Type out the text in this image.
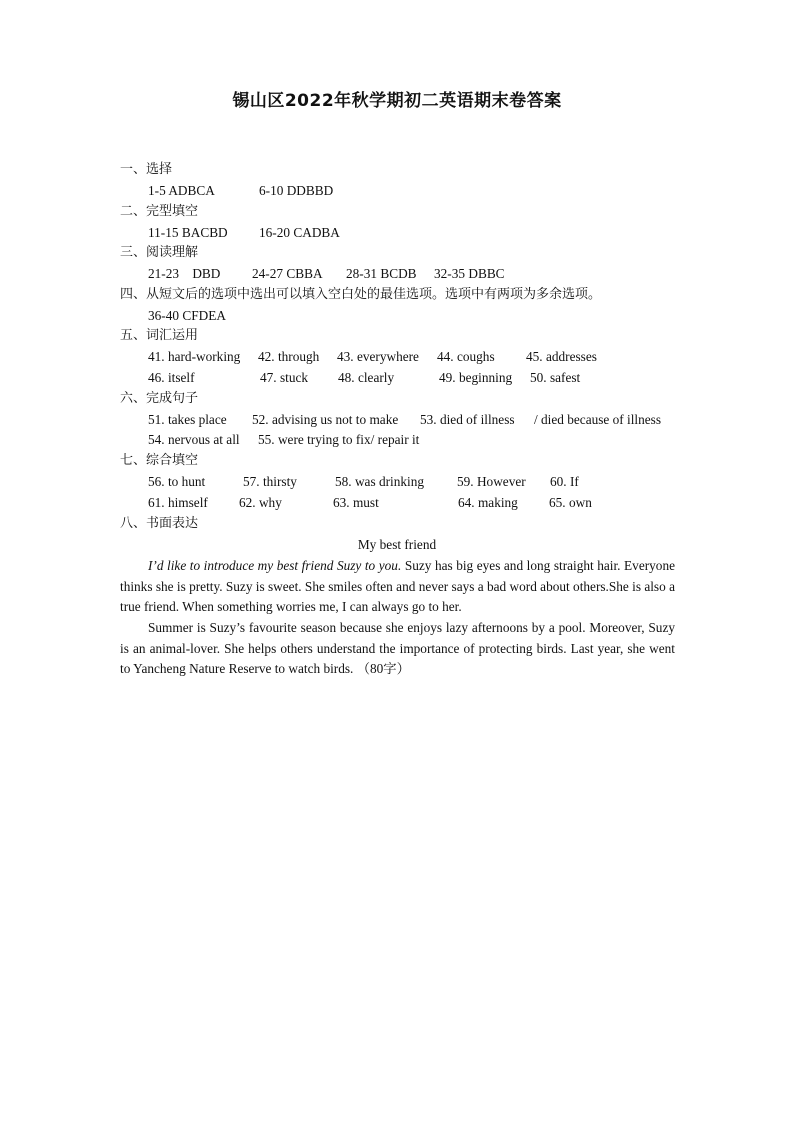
锡山区2022年秋学期初二英语期末卷答案
一、选择
1-5 ADBCA	6-10 DDBBD
二、完型填空
11-15 BACBD 16-20 CADBA
三、阅读理解
21-23　DBD 24-27 CBBA 28-31 BCDB 32-35 DBBC
四、从短文后的选项中选出可以填入空白处的最佳选项。选项中有两项为多余选项。
36-40 CFDEA
五、词汇运用
41. hard-working 42. through 43. everywhere 44. coughs 45. addresses
46. itself	47. stuck 48. clearly	49. beginning 50. safest
六、完成句子
51. takes place 52. advising us not to make 53. died of illness / died because of illness
54. nervous at all 55. were trying to fix/ repair it
七、综合填空
56. to hunt	57. thirsty	58. was drinking 59. However 60. If
61. himself 62. why	63. must	64. making 65. own
八、书面表达
My best friend
I’d like to introduce my best friend Suzy to you. Suzy has big eyes and long straight hair. Everyone thinks she is pretty. Suzy is sweet. She smiles often and never says a bad word about others.She is also a true friend. When something worries me, I can always go to her.
Summer is Suzy’s favourite season because she enjoys lazy afternoons by a pool. Moreover, Suzy is an animal-lover. She helps others understand the importance of protecting birds. Last year, she went to Yancheng Nature Reserve to watch birds. （80字）
